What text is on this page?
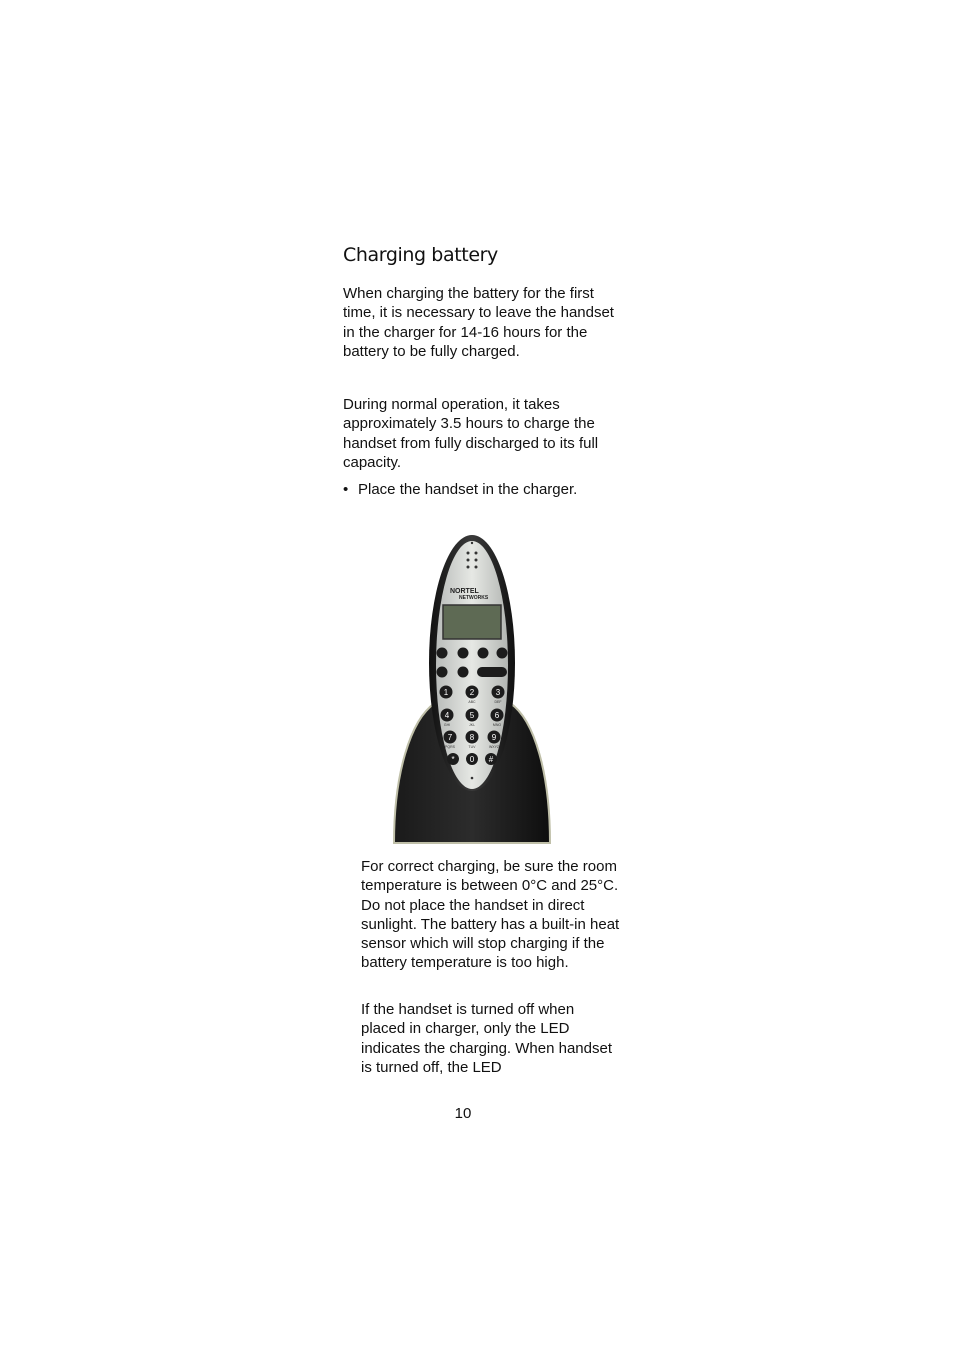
Charging battery
When charging the battery for the first time, it is necessary to leave the handset in the charger for 14-16 hours for the battery to be fully charged.
During normal operation, it takes approximately 3.5 hours to charge the handset from fully discharged to its full capacity.
• Place the handset in the charger.
NORTEL
NETWORKS
1	2	3
4	5	6
7 8 9
* 0 #
ABC	DEF
GHI	JKL	MNO
PQRS	TUV	WXYZ
For correct charging, be sure the room temperature is between 0°C and 25°C. Do not place the handset in direct sunlight. The battery has a built-in heat sensor which will stop charging if the battery temperature is too high.
If the handset is turned off when placed in charger, only the LED indicates the charging. When handset is turned off, the LED
10
